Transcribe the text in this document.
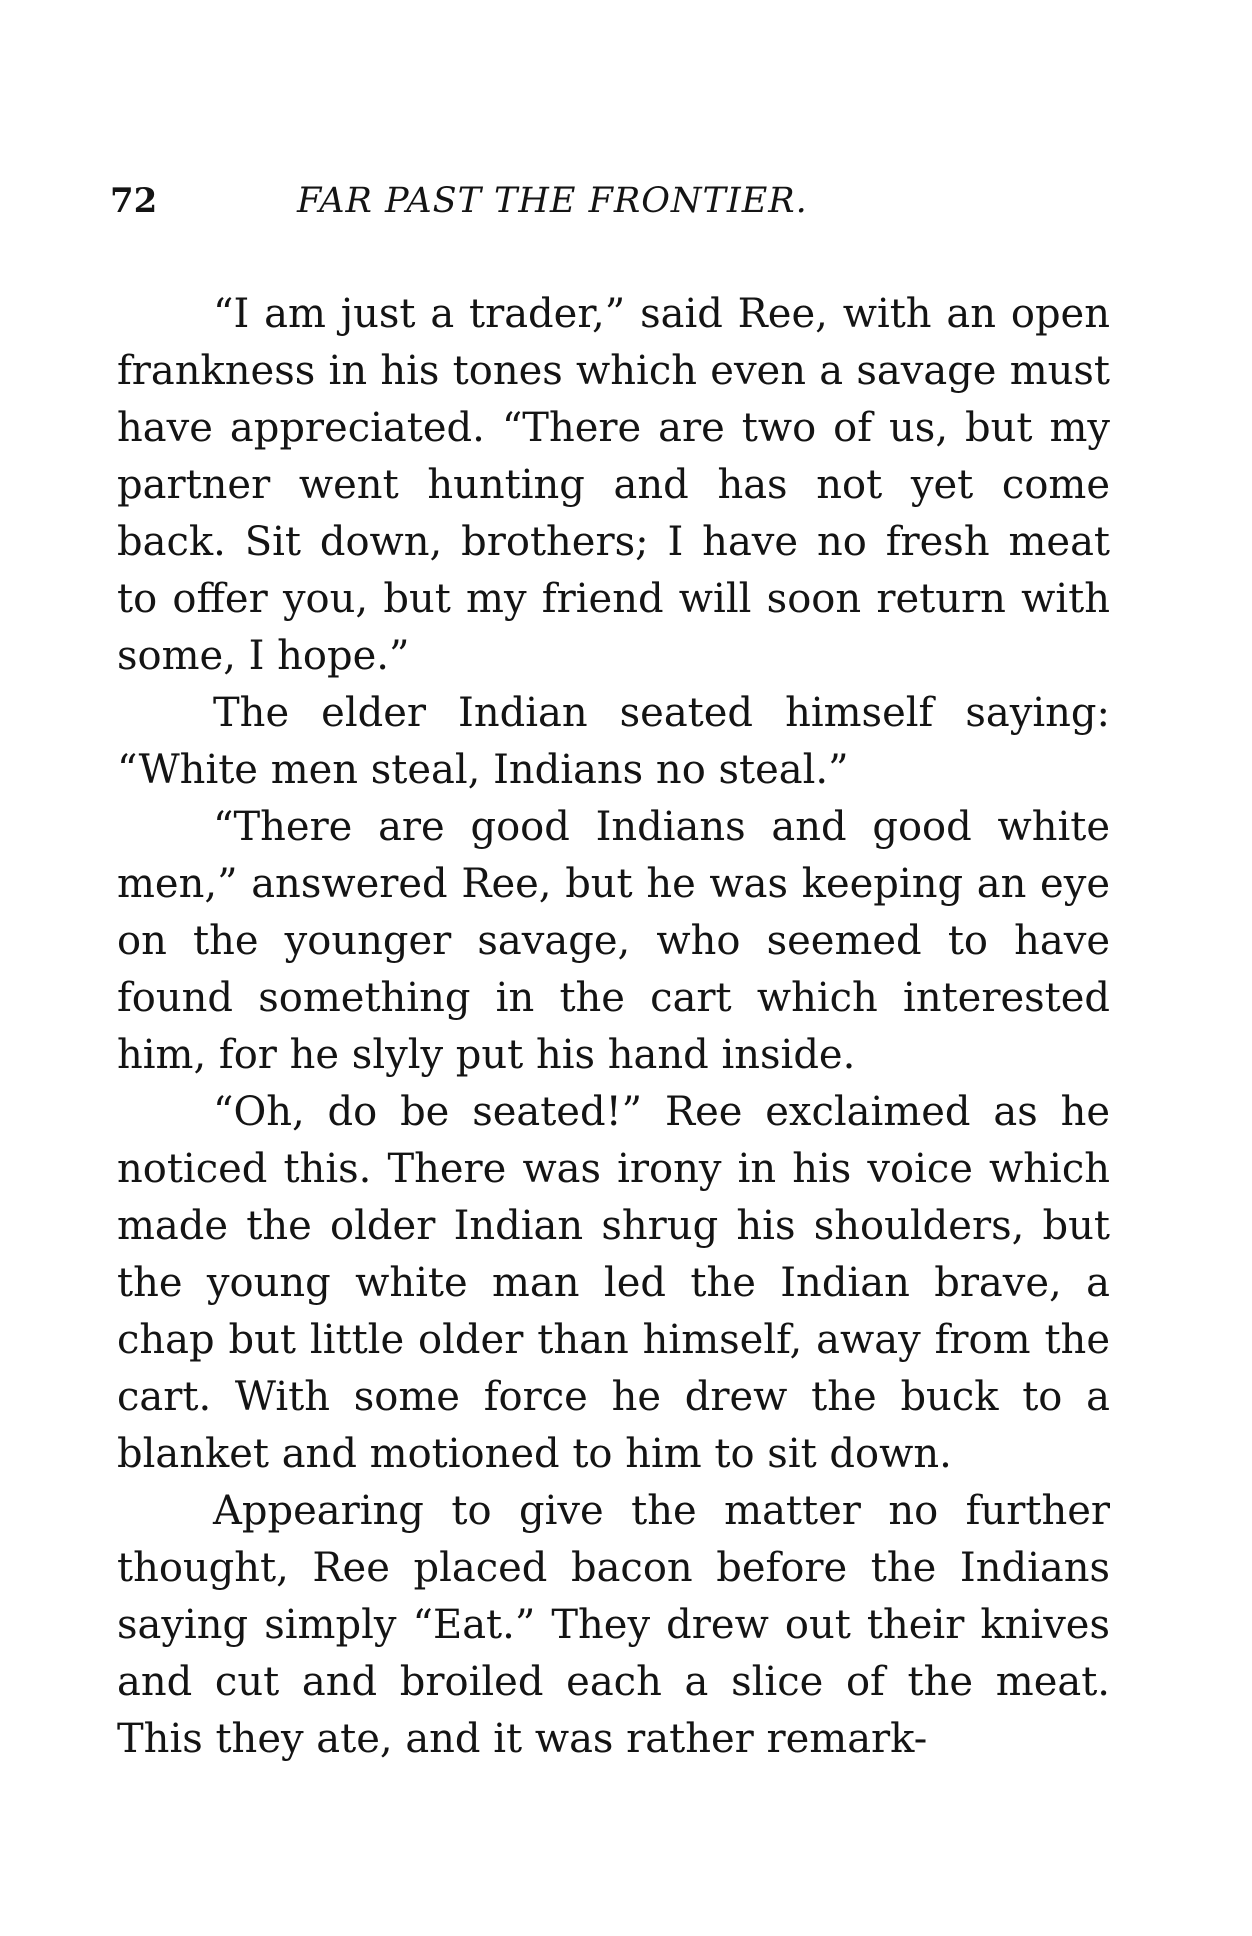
72	FAR PAST THE FRONTIER.

“I am just a trader,” said Ree, with an open frankness in his tones which even a savage must have appreciated. “There are two of us, but my partner went hunting and has not yet come back. Sit down, brothers; I have no fresh meat to offer you, but my friend will soon return with some, I hope.”

The elder Indian seated himself saying: “White men steal, Indians no steal.”

“There are good Indians and good white men,” answered Ree, but he was keeping an eye on the younger savage, who seemed to have found something in the cart which interested him, for he slyly put his hand inside.

“Oh, do be seated!” Ree exclaimed as he noticed this. There was irony in his voice which made the older Indian shrug his shoulders, but the young white man led the Indian brave, a chap but little older than himself, away from the cart. With some force he drew the buck to a blanket and motioned to him to sit down.

Appearing to give the matter no further thought, Ree placed bacon before the Indians saying simply “Eat.” They drew out their knives and cut and broiled each a slice of the meat. This they ate, and it was rather remark-
